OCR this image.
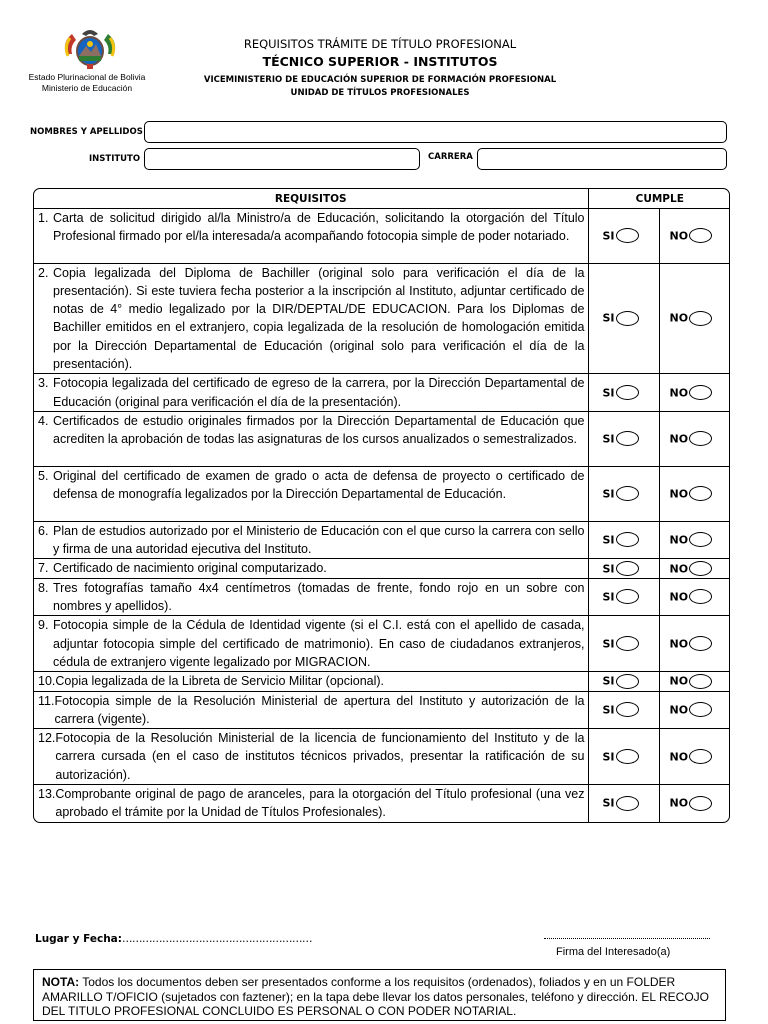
Estado Plurinacional de Bolivia
Ministerio de Educación
REQUISITOS TRÁMITE DE TÍTULO PROFESIONAL
TÉCNICO SUPERIOR - INSTITUTOS
VICEMINISTERIO DE EDUCACIÓN SUPERIOR DE FORMACIÓN PROFESIONAL
UNIDAD DE TÍTULOS PROFESIONALES
NOMBRES Y APELLIDOS
INSTITUTO	CARRERA
REQUISITOS	CUMPLE	

1. Carta de solicitud dirigido al/la Ministro/a de Educación, solicitando la otorgación del Título Profesional firmado por el/la interesada/a acompañando fotocopia simple de poder notariado.	SI	NO

2. Copia legalizada del Diploma de Bachiller (original solo para verificación el día de la presentación). Si este tuviera fecha posterior a la inscripción al Instituto, adjuntar certificado de notas de 4° medio legalizado por la DIR/DEPTAL/DE EDUCACION. Para los Diplomas de Bachiller emitidos en el extranjero, copia legalizada de la resolución de homologación emitida por la Dirección Departamental de Educación (original solo para verificación el día de la presentación).	SI	NO

3. Fotocopia legalizada del certificado de egreso de la carrera, por la Dirección Departamental de Educación (original para verificación el día de la presentación).	SI	NO

4. Certificados de estudio originales firmados por la Dirección Departamental de Educación que acrediten la aprobación de todas las asignaturas de los cursos anualizados o semestralizados.	SI	NO

5. Original del certificado de examen de grado o acta de defensa de proyecto o certificado de defensa de monografía legalizados por la Dirección Departamental de Educación.	SI	NO

6. Plan de estudios autorizado por el Ministerio de Educación con el que curso la carrera con sello y firma de una autoridad ejecutiva del Instituto.	SI	NO

7. Certificado de nacimiento original computarizado.	SI	NO

8. Tres fotografías tamaño 4x4 centímetros (tomadas de frente, fondo rojo en un sobre con nombres y apellidos).	SI	NO

9. Fotocopia simple de la Cédula de Identidad vigente (si el C.I. está con el apellido de casada, adjuntar fotocopia simple del certificado de matrimonio). En caso de ciudadanos extranjeros, cédula de extranjero vigente legalizado por MIGRACION.	SI	NO

10. Copia legalizada de la Libreta de Servicio Militar (opcional).	SI	NO

11. Fotocopia simple de la Resolución Ministerial de apertura del Instituto y autorización de la carrera (vigente).	SI	NO

12. Fotocopia de la Resolución Ministerial de la licencia de funcionamiento del Instituto y de la carrera cursada (en el caso de institutos técnicos privados, presentar la ratificación de su autorización).	SI	NO

13. Comprobante original de pago de aranceles, para la otorgación del Título profesional (una vez aprobado el trámite por la Unidad de Títulos Profesionales).	SI	NO
Lugar y Fecha:…………………………………………………
Firma del Interesado(a)
NOTA: Todos los documentos deben ser presentados conforme a los requisitos (ordenados), foliados y en un FOLDER AMARILLO T/OFICIO (sujetados con faztener); en la tapa debe llevar los datos personales, teléfono y dirección. EL RECOJO DEL TITULO PROFESIONAL CONCLUIDO ES PERSONAL O CON PODER NOTARIAL.
